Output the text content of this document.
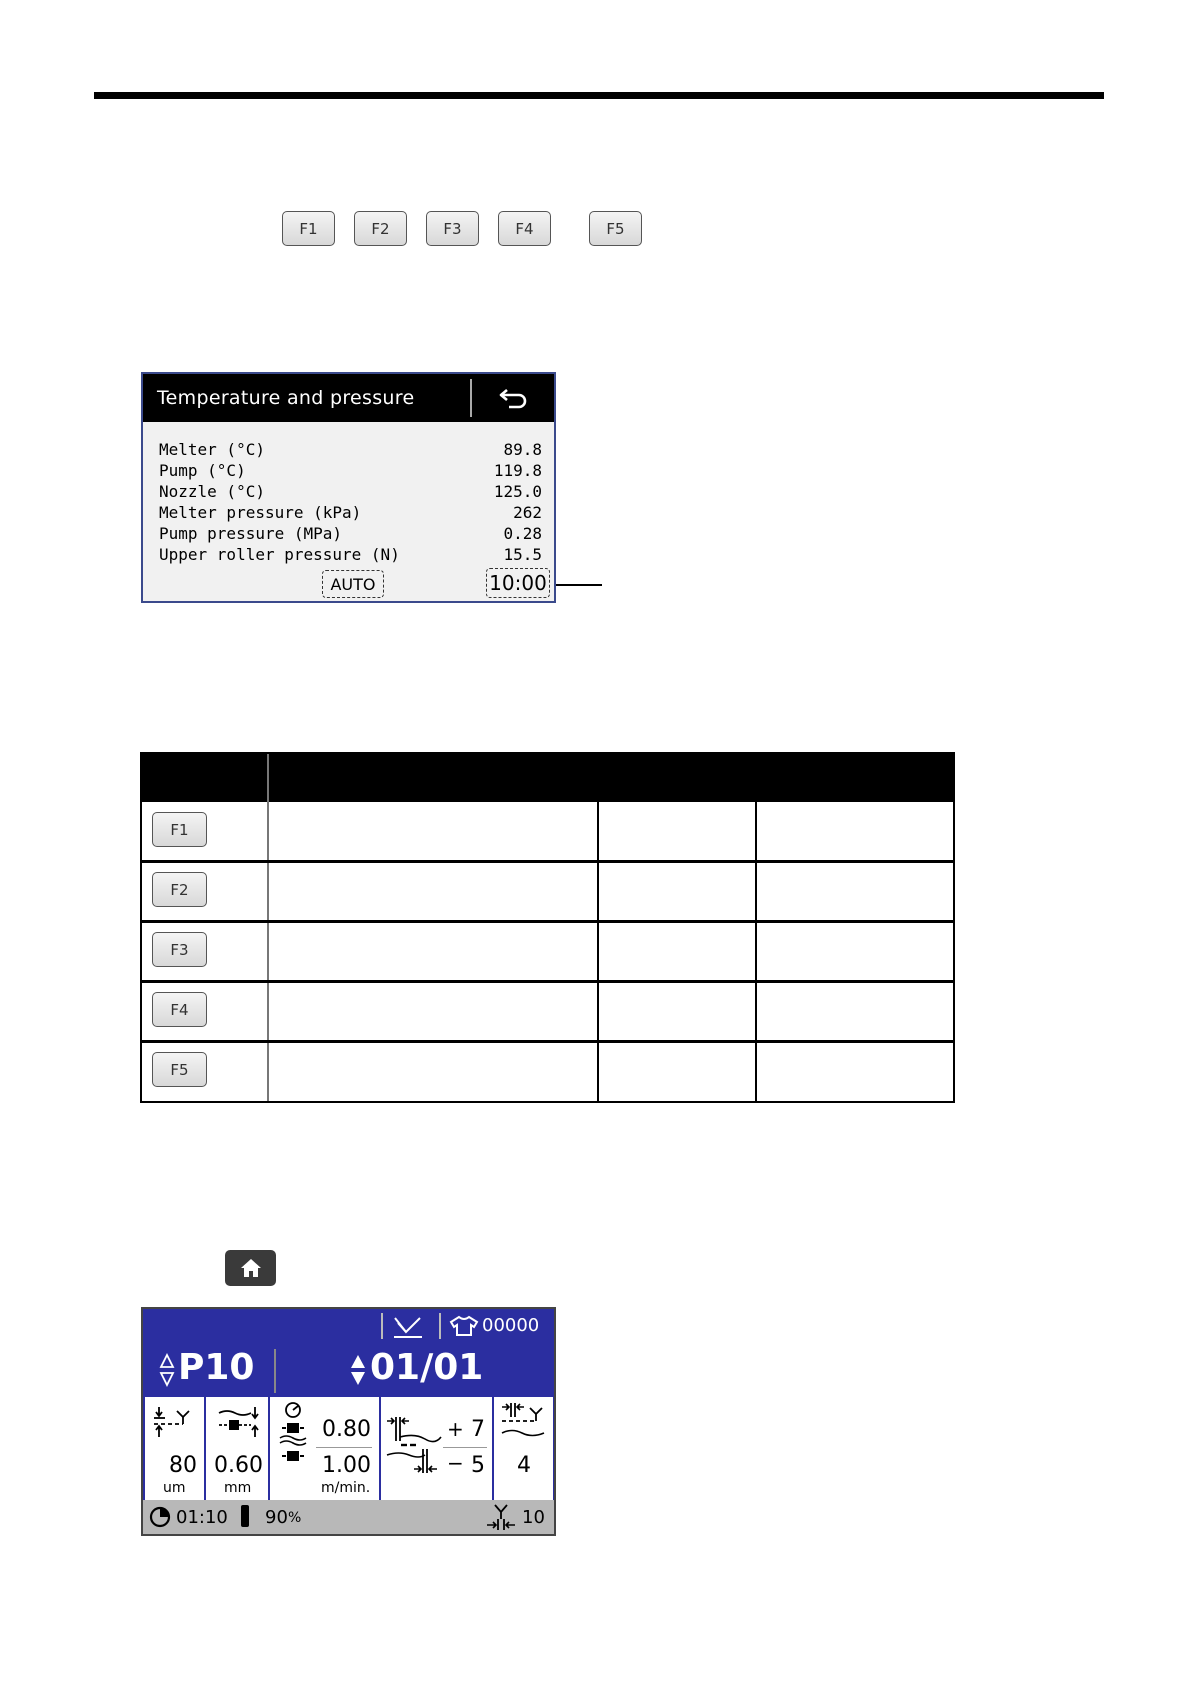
F1	F2	F3	F4	F5
Temperature and pressure
Melter (°C)	89.8
Pump (°C)	119.8
Nozzle (°C)	125.0
Melter pressure (kPa)	262
Pump pressure (MPa)	0.28
Upper roller pressure (N)	15.5
AUTO	10:00
F1
F2
F3
F4
F5
00000
P10	01/01
80
um
0.60
mm
0.80
1.00
m/min.
+ 7
− 5 4
01:10 90 %	10
